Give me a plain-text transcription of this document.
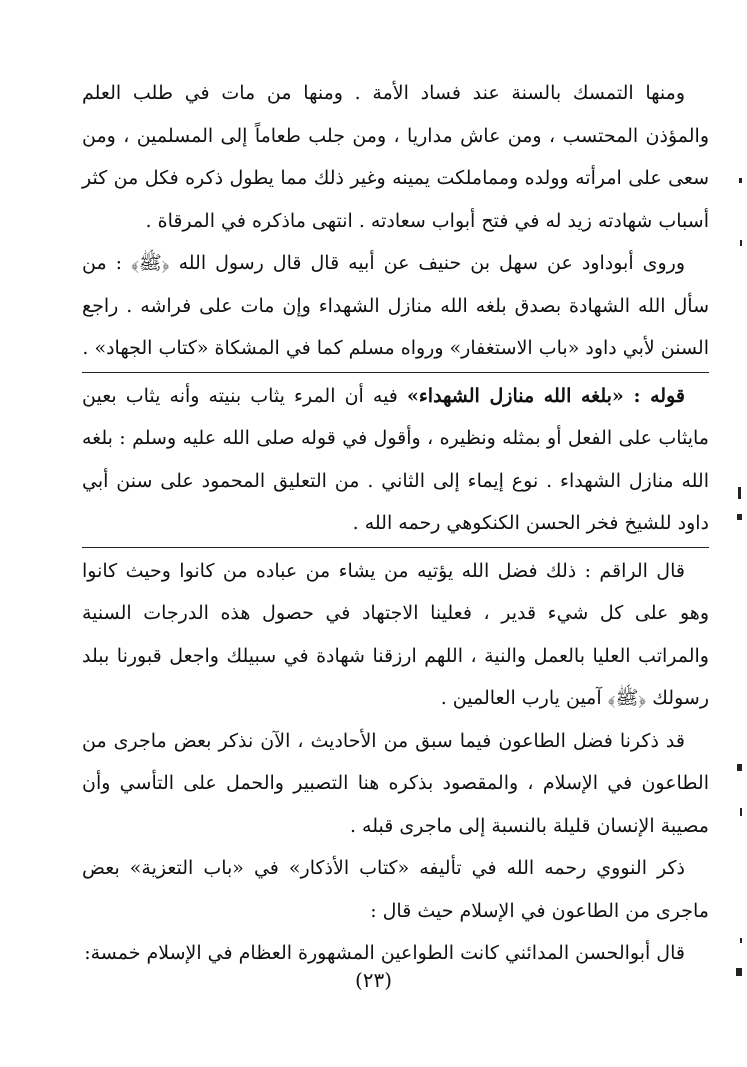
ومنها التمسك بالسنة عند فساد الأمة . ومنها من مات في طلب العلم والمؤذن المحتسب ، ومن عاش مداريا ، ومن جلب طعاماً إلى المسلمين ، ومن سعى على امرأته وولده ومماملكت يمينه وغير ذلك مما يطول ذكره فكل من كثر أسباب شهادته زيد له في فتح أبواب سعادته . انتهى ماذكره في المرقاة .

وروى أبوداود عن سهل بن حنيف عن أبيه قال قال رسول الله ﴿ﷺ﴾ : من سأل الله الشهادة بصدق بلغه الله منازل الشهداء وإن مات على فراشه . راجع السنن لأبي داود «باب الاستغفار» ورواه مسلم كما في المشكاة «كتاب الجهاد» .

قوله : «بلغه الله منازل الشهداء» فيه أن المرء يثاب بنيته وأنه يثاب بعين مايثاب على الفعل أو بمثله ونظيره ، وأقول في قوله صلى الله عليه وسلم : بلغه الله منازل الشهداء . نوع إيماء إلى الثاني . من التعليق المحمود على سنن أبي داود للشيخ فخر الحسن الكنكوهي رحمه الله .

قال الراقم : ذلك فضل الله يؤتيه من يشاء من عباده من كانوا وحيث كانوا وهو على كل شيء قدير ، فعلينا الاجتهاد في حصول هذه الدرجات السنية والمراتب العليا بالعمل والنية ، اللهم ارزقنا شهادة في سبيلك واجعل قبورنا ببلد رسولك ﴿ﷺ﴾ آمين يارب العالمين .

قد ذكرنا فضل الطاعون فيما سبق من الأحاديث ، الآن نذكر بعض ماجرى من الطاعون في الإسلام ، والمقصود بذكره هنا التصبير والحمل على التأسي وأن مصيبة الإنسان قليلة بالنسبة إلى ماجرى قبله .

ذكر النووي رحمه الله في تأليفه «كتاب الأذكار» في «باب التعزية» بعض ماجرى من الطاعون في الإسلام حيث قال :

قال أبوالحسن المدائني كانت الطواعين المشهورة العظام في الإسلام خمسة:

(٢٣)
